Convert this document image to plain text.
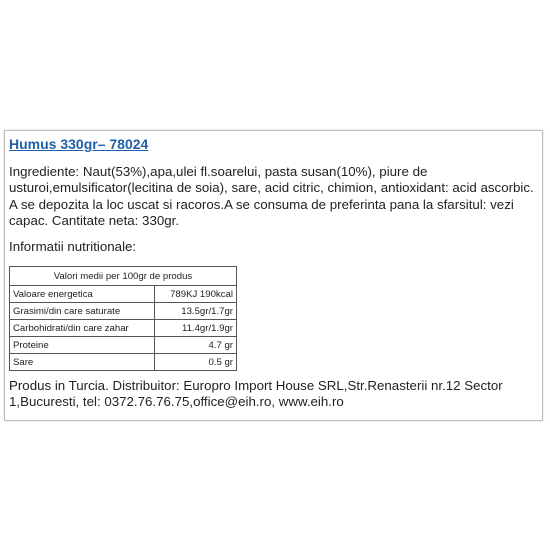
Humus 330gr– 78024
Ingrediente: Naut(53%),apa,ulei fl.soarelui, pasta susan(10%), piure de usturoi,emulsificator(lecitina de soia), sare, acid citric, chimion, antioxidant: acid ascorbic. A se depozita la loc uscat si racoros.A se consuma de preferinta pana la sfarsitul: vezi capac. Cantitate neta: 330gr.
Informatii nutritionale:
Valori medii per 100gr de produs	
Valoare energetica	789KJ 190kcal
Grasimi/din care saturate	13.5gr/1.7gr
Carbohidrati/din care zahar	11.4gr/1.9gr
Proteine	4.7 gr
Sare	0.5 gr
Produs in Turcia. Distribuitor: Europro Import House SRL,Str.Renasterii nr.12 Sector 1,Bucuresti, tel: 0372.76.76.75,office@eih.ro, www.eih.ro
